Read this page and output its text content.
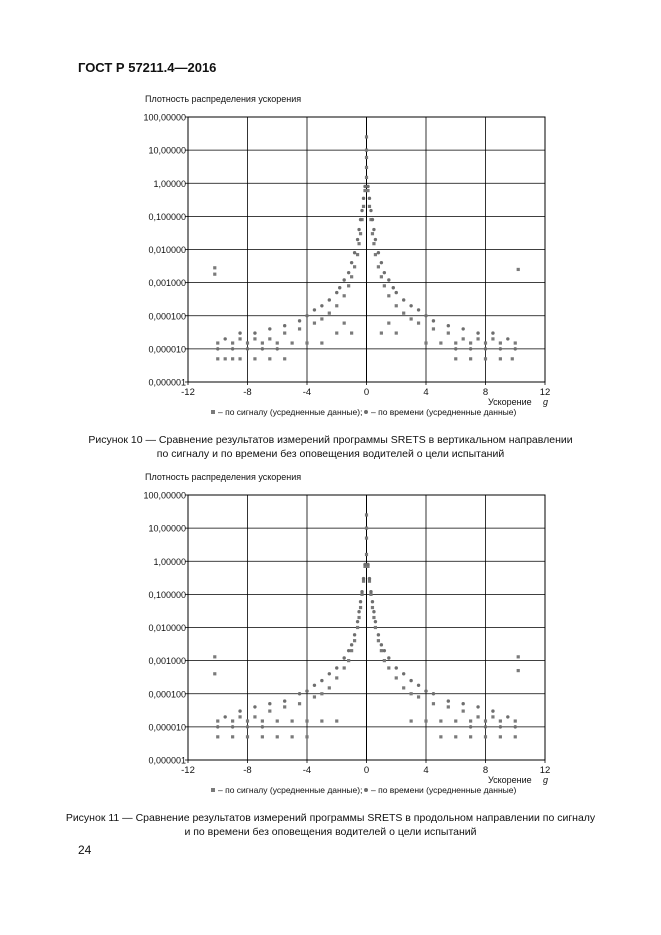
ГОСТ Р 57211.4—2016
Плотность распределения ускорения
0,000001
0,000010
0,000100
0,001000
0,010000
0,100000
1,00000
10,00000
100,00000
-12	-8	-4	0	4	8	12
Ускорение g
– по сигналу (усредненные данные); – по времени (усредненные данные)
Рисунок 10 — Сравнение результатов измерений программы SRETS в вертикальном направлении
по сигналу и по времени без оповещения водителей о цели испытаний
Плотность распределения ускорения
0,000001
0,000010
0,000100
0,001000
0,010000
0,100000
1,00000
10,00000
100,00000
-12	-8	-4	0	4	8	12
Ускорение g
– по сигналу (усредненные данные); – по времени (усредненные данные)
Рисунок 11 — Сравнение результатов измерений программы SRETS в продольном направлении по сигналу
и по времени без оповещения водителей о цели испытаний
24
